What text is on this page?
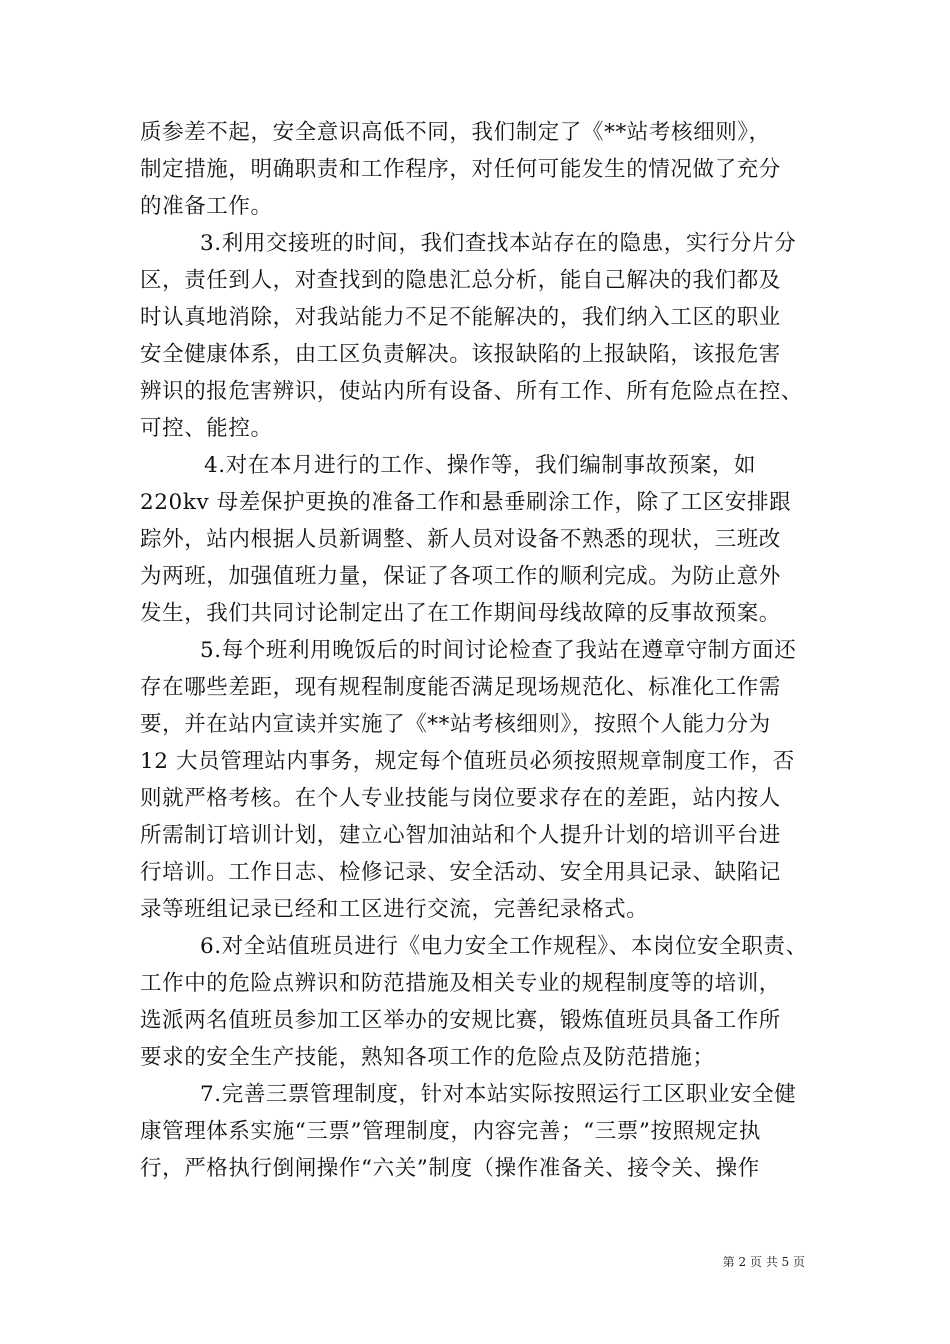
质参差不起，安全意识高低不同，我们制定了《**站考核细则》，
制定措施，明确职责和工作程序，对任何可能发生的情况做了充分
的准备工作。
3.利用交接班的时间，我们查找本站存在的隐患，实行分片分
区，责任到人，对查找到的隐患汇总分析，能自己解决的我们都及
时认真地消除，对我站能力不足不能解决的，我们纳入工区的职业
安全健康体系，由工区负责解决。该报缺陷的上报缺陷，该报危害
辨识的报危害辨识，使站内所有设备、所有工作、所有危险点在控、
可控、能控。
4.对在本月进行的工作、操作等，我们编制事故预案，如
220kv 母差保护更换的准备工作和悬垂刷涂工作，除了工区安排跟
踪外，站内根据人员新调整、新人员对设备不熟悉的现状，三班改
为两班，加强值班力量，保证了各项工作的顺利完成。为防止意外
发生，我们共同讨论制定出了在工作期间母线故障的反事故预案。
5.每个班利用晚饭后的时间讨论检查了我站在遵章守制方面还
存在哪些差距，现有规程制度能否满足现场规范化、标准化工作需
要，并在站内宣读并实施了《**站考核细则》，按照个人能力分为
12 大员管理站内事务，规定每个值班员必须按照规章制度工作，否
则就严格考核。在个人专业技能与岗位要求存在的差距，站内按人
所需制订培训计划，建立心智加油站和个人提升计划的培训平台进
行培训。工作日志、检修记录、安全活动、安全用具记录、缺陷记
录等班组记录已经和工区进行交流，完善纪录格式。
6.对全站值班员进行《电力安全工作规程》、本岗位安全职责、
工作中的危险点辨识和防范措施及相关专业的规程制度等的培训，
选派两名值班员参加工区举办的安规比赛，锻炼值班员具备工作所
要求的安全生产技能，熟知各项工作的危险点及防范措施；
7.完善三票管理制度，针对本站实际按照运行工区职业安全健
康管理体系实施“三票”管理制度，内容完善；“三票”按照规定执
行，严格执行倒闸操作“六关”制度（操作准备关、接令关、操作
第 2 页 共 5 页
